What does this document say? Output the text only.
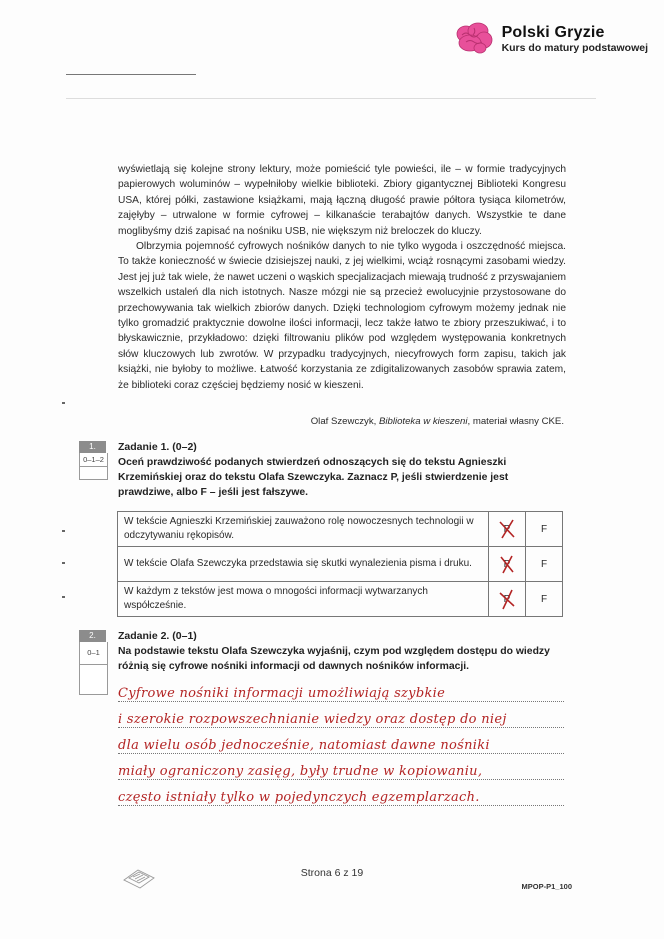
Polski Gryzie
Kurs do matury podstawowej

wyświetlają się kolejne strony lektury, może pomieścić tyle powieści, ile – w formie tradycyjnych papierowych woluminów – wypełniłoby wielkie biblioteki. Zbiory gigantycznej Biblioteki Kongresu USA, której półki, zastawione książkami, mają łączną długość prawie półtora tysiąca kilometrów, zajęłyby – utrwalone w formie cyfrowej – kilkanaście terabajtów danych. Wszystkie te dane moglibyśmy dziś zapisać na nośniku USB, nie większym niż breloczek do kluczy.

Olbrzymia pojemność cyfrowych nośników danych to nie tylko wygoda i oszczędność miejsca. To także konieczność w świecie dzisiejszej nauki, z jej wielkimi, wciąż rosnącymi zasobami wiedzy. Jest jej już tak wiele, że nawet uczeni o wąskich specjalizacjach miewają trudność z przyswajaniem wszelkich ustaleń dla nich istotnych. Nasze mózgi nie są przecież ewolucyjnie przystosowane do przechowywania tak wielkich zbiorów danych. Dzięki technologiom cyfrowym możemy jednak nie tylko gromadzić praktycznie dowolne ilości informacji, lecz także łatwo te zbiory przeszukiwać, i to błyskawicznie, przykładowo: dzięki filtrowaniu plików pod względem występowania konkretnych słów kluczowych lub zwrotów. W przypadku tradycyjnych, niecyfrowych form zapisu, takich jak książki, nie byłoby to możliwe. Łatwość korzystania ze zdigitalizowanych zasobów sprawia zatem, że biblioteki coraz częściej będziemy nosić w kieszeni.

Olaf Szewczyk, Biblioteka w kieszeni, materiał własny CKE.
1.
0–1–2
Zadanie 1. (0–2)
Oceń prawdziwość podanych stwierdzeń odnoszących się do tekstu Agnieszki Krzemińskiej oraz do tekstu Olafa Szewczyka. Zaznacz P, jeśli stwierdzenie jest prawdziwe, albo F – jeśli jest fałszywe.
W tekście Agnieszki Krzemińskiej zauważono rolę nowoczesnych technologii w odczytywaniu rękopisów.	P	F
W tekście Olafa Szewczyka przedstawia się skutki wynalezienia pisma i druku.	P	F
W każdym z tekstów jest mowa o mnogości informacji wytwarzanych współcześnie.	P	F
2.
0–1
Zadanie 2. (0–1)
Na podstawie tekstu Olafa Szewczyka wyjaśnij, czym pod względem dostępu do wiedzy różnią się cyfrowe nośniki informacji od dawnych nośników informacji.
Cyfrowe nośniki informacji umożliwiają szybkie
i szerokie rozpowszechnianie wiedzy oraz dostęp do niej
dla wielu osób jednocześnie, natomiast dawne nośniki
miały ograniczony zasięg, były trudne w kopiowaniu,
często istniały tylko w pojedynczych egzemplarzach.
Strona 6 z 19
MPOP-P1_100
